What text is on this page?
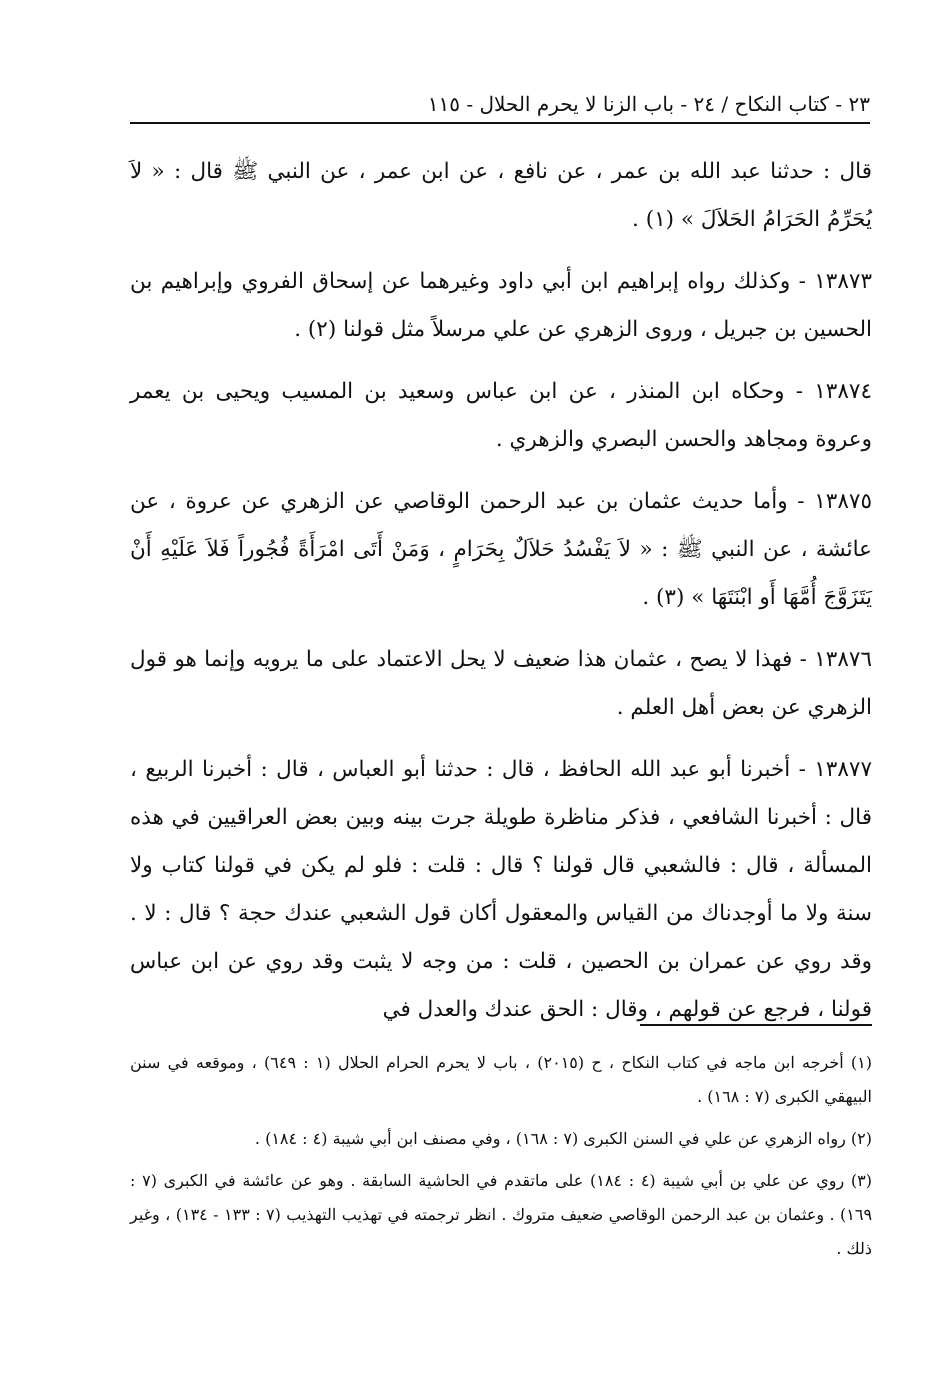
٢٣ - كتاب النكاح / ٢٤ - باب الزنا لا يحرم الحلال - ١١٥

قال : حدثنا عبد الله بن عمر ، عن نافع ، عن ابن عمر ، عن النبي ﷺ قال : « لاَ يُحَرِّمُ الحَرَامُ الحَلاَلَ » (١) .

١٣٨٧٣ - وكذلك رواه إبراهيم ابن أبي داود وغيرهما عن إسحاق الفروي وإبراهيم بن الحسين بن جبريل ، وروى الزهري عن علي مرسلاً مثل قولنا (٢) .

١٣٨٧٤ - وحكاه ابن المنذر ، عن ابن عباس وسعيد بن المسيب ويحيى بن يعمر وعروة ومجاهد والحسن البصري والزهري .

١٣٨٧٥ - وأما حديث عثمان بن عبد الرحمن الوقاصي عن الزهري عن عروة ، عن عائشة ، عن النبي ﷺ : « لاَ يَفْسُدُ حَلاَلٌ بِحَرَامٍ ، وَمَنْ أَتَى امْرَأَةً فُجُوراً فَلاَ عَلَيْهِ أَنْ يَتَزَوَّجَ أُمَّهَا أَو ابْنَتَهَا » (٣) .

١٣٨٧٦ - فهذا لا يصح ، عثمان هذا ضعيف لا يحل الاعتماد على ما يرويه وإنما هو قول الزهري عن بعض أهل العلم .

١٣٨٧٧ - أخبرنا أبو عبد الله الحافظ ، قال : حدثنا أبو العباس ، قال : أخبرنا الربيع ، قال : أخبرنا الشافعي ، فذكر مناظرة طويلة جرت بينه وبين بعض العراقيين في هذه المسألة ، قال : فالشعبي قال قولنا ؟ قال : قلت : فلو لم يكن في قولنا كتاب ولا سنة ولا ما أوجدناك من القياس والمعقول أكان قول الشعبي عندك حجة ؟ قال : لا . وقد روي عن عمران بن الحصين ، قلت : من وجه لا يثبت وقد روي عن ابن عباس قولنا ، فرجع عن قولهم ، وقال : الحق عندك والعدل في

(١) أخرجه ابن ماجه في كتاب النكاح ، ح (٢٠١٥) ، باب لا يحرم الحرام الحلال (١ : ٦٤٩) ، وموقعه في سنن البيهقي الكبرى (٧ : ١٦٨) .

(٢) رواه الزهري عن علي في السنن الكبرى (٧ : ١٦٨) ، وفي مصنف ابن أبي شيبة (٤ : ١٨٤) .

(٣) روي عن علي بن أبي شيبة (٤ : ١٨٤) على ماتقدم في الحاشية السابقة . وهو عن عائشة في الكبرى (٧ : ١٦٩) . وعثمان بن عبد الرحمن الوقاصي ضعيف متروك . انظر ترجمته في تهذيب التهذيب (٧ : ١٣٣ - ١٣٤) ، وغير ذلك .
